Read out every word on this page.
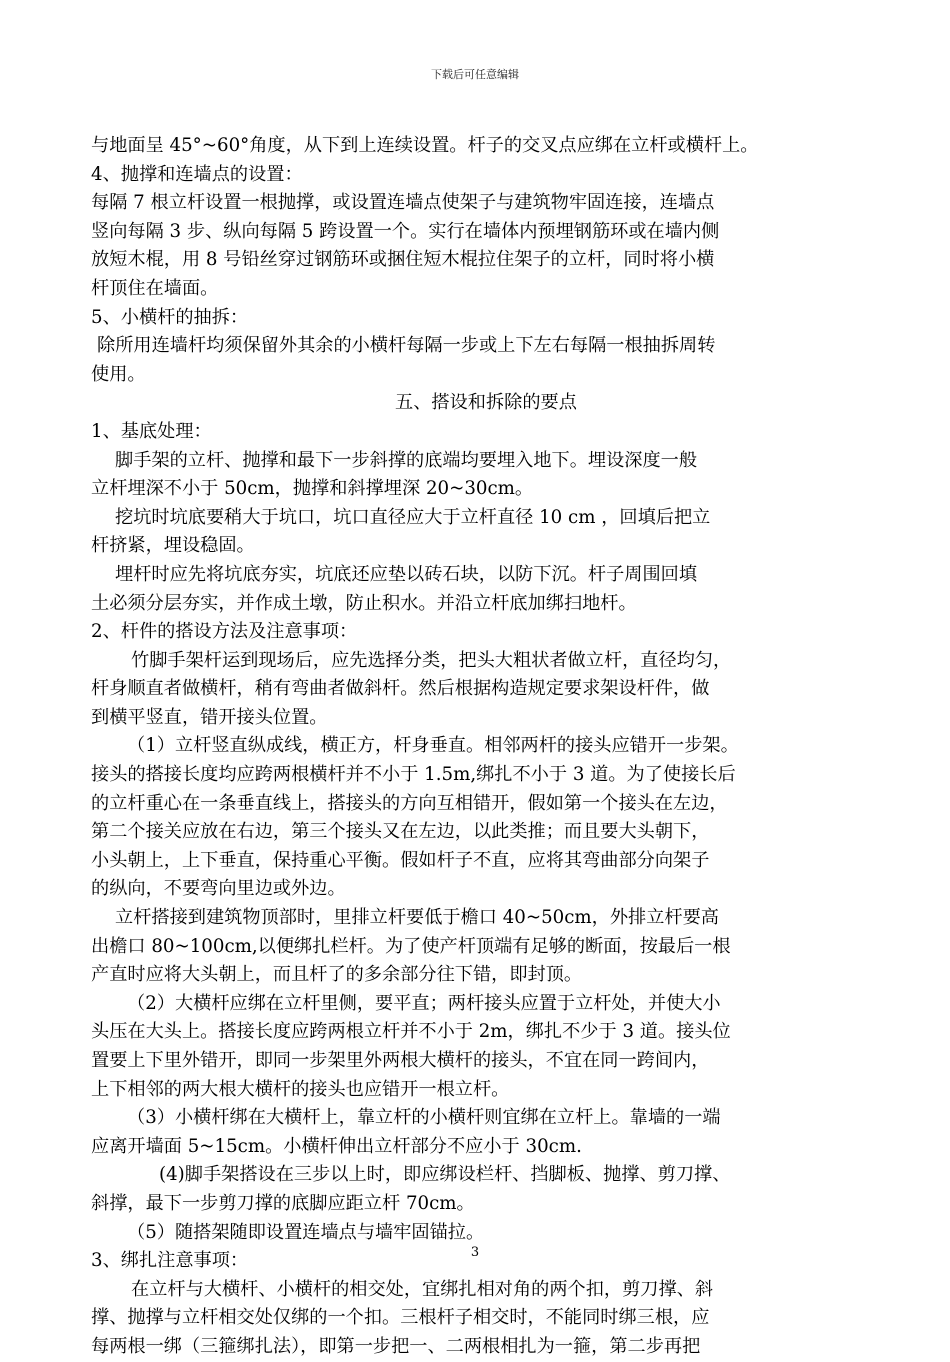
下载后可任意编辑
与地面呈 45°~60°角度，从下到上连续设置。杆子的交叉点应绑在立杆或横杆上。
4、抛撑和连墙点的设置：
每隔 7 根立杆设置一根抛撑，或设置连墙点使架子与建筑物牢固连接，连墙点
竖向每隔 3 步、纵向每隔 5 跨设置一个。实行在墙体内预埋钢筋环或在墙内侧
放短木棍，用 8 号铅丝穿过钢筋环或捆住短木棍拉住架子的立杆，同时将小横
杆顶住在墙面。
5、小横杆的抽拆：
除所用连墙杆均须保留外其余的小横杆每隔一步或上下左右每隔一根抽拆周转
使用。
五、搭设和拆除的要点
1、基底处理：
脚手架的立杆、抛撑和最下一步斜撑的底端均要埋入地下。埋设深度一般
立杆埋深不小于 50cm，抛撑和斜撑埋深 20~30cm。
挖坑时坑底要稍大于坑口，坑口直径应大于立杆直径 10 cm ，回填后把立
杆挤紧，埋设稳固。
埋杆时应先将坑底夯实，坑底还应垫以砖石块，以防下沉。杆子周围回填
土必须分层夯实，并作成土墩，防止积水。并沿立杆底加绑扫地杆。
2、杆件的搭设方法及注意事项：
竹脚手架杆运到现场后，应先选择分类，把头大粗状者做立杆，直径均匀，
杆身顺直者做横杆，稍有弯曲者做斜杆。然后根据构造规定要求架设杆件，做
到横平竖直，错开接头位置。
（1）立杆竖直纵成线，横正方，杆身垂直。相邻两杆的接头应错开一步架。
接头的搭接长度均应跨两根横杆并不小于 1.5m,绑扎不小于 3 道。为了使接长后
的立杆重心在一条垂直线上，搭接头的方向互相错开，假如第一个接头在左边，
第二个接关应放在右边，第三个接头又在左边，以此类推；而且要大头朝下，
小头朝上，上下垂直，保持重心平衡。假如杆子不直，应将其弯曲部分向架子
的纵向，不要弯向里边或外边。
立杆搭接到建筑物顶部时，里排立杆要低于檐口 40~50cm，外排立杆要高
出檐口 80~100cm,以便绑扎栏杆。为了使产杆顶端有足够的断面，按最后一根
产直时应将大头朝上，而且杆了的多余部分往下错，即封顶。
（2）大横杆应绑在立杆里侧，要平直；两杆接头应置于立杆处，并使大小
头压在大头上。搭接长度应跨两根立杆并不小于 2m，绑扎不少于 3 道。接头位
置要上下里外错开，即同一步架里外两根大横杆的接头，不宜在同一跨间内，
上下相邻的两大根大横杆的接头也应错开一根立杆。
（3）小横杆绑在大横杆上，靠立杆的小横杆则宜绑在立杆上。靠墙的一端
应离开墙面 5~15cm。小横杆伸出立杆部分不应小于 30cm.
(4)脚手架搭设在三步以上时，即应绑设栏杆、挡脚板、抛撑、剪刀撑、
斜撑，最下一步剪刀撑的底脚应距立杆 70cm。
（5）随搭架随即设置连墙点与墙牢固锚拉。
3、绑扎注意事项：
在立杆与大横杆、小横杆的相交处，宜绑扎相对角的两个扣，剪刀撑、斜
撑、抛撑与立杆相交处仅绑的一个扣。三根杆子相交时，不能同时绑三根，应
每两根一绑（三箍绑扎法），即第一步把一、二两根相扎为一箍，第二步再把
3
